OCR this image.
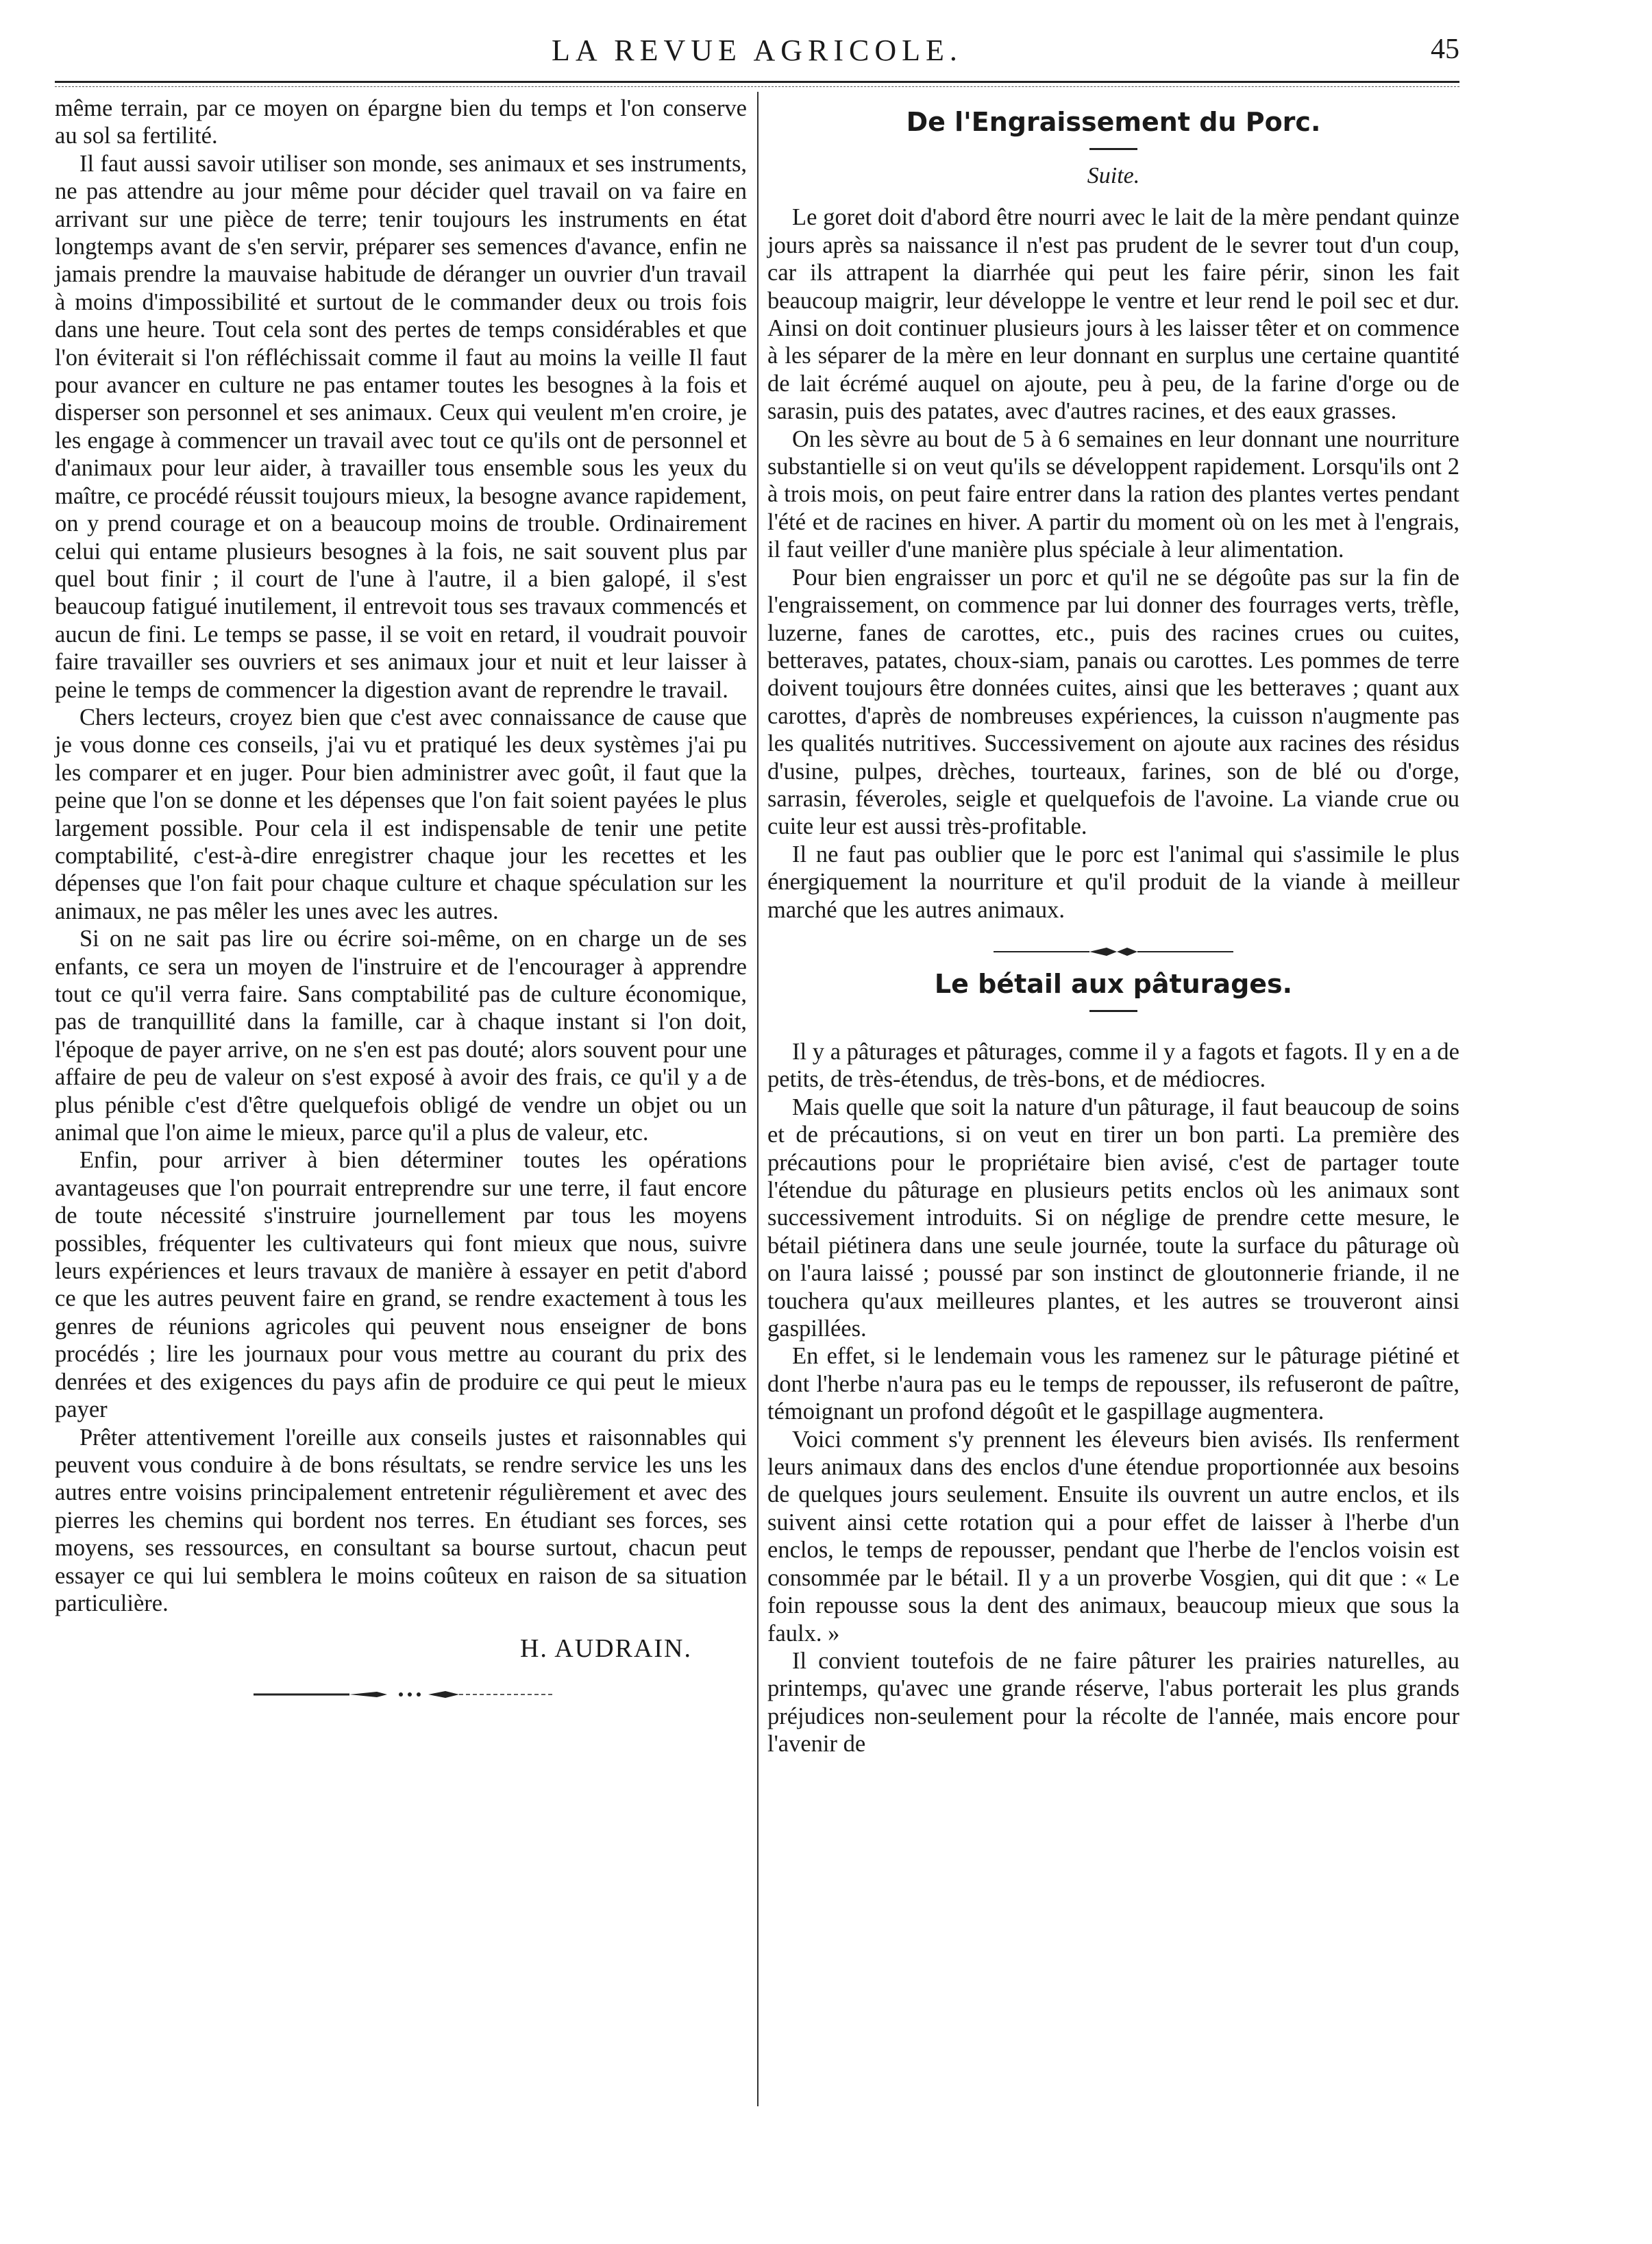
LA REVUE AGRICOLE.	45

même terrain, par ce moyen on épargne bien du temps et l'on conserve au sol sa fertilité.

Il faut aussi savoir utiliser son monde, ses animaux et ses instruments, ne pas attendre au jour même pour décider quel travail on va faire en arrivant sur une pièce de terre; tenir toujours les instruments en état longtemps avant de s'en servir, préparer ses semences d'avance, enfin ne jamais prendre la mauvaise habitude de déranger un ouvrier d'un travail à moins d'impossibilité et surtout de le commander deux ou trois fois dans une heure. Tout cela sont des pertes de temps considérables et que l'on éviterait si l'on réfléchissait comme il faut au moins la veille Il faut pour avancer en culture ne pas entamer toutes les besognes à la fois et disperser son personnel et ses animaux. Ceux qui veulent m'en croire, je les engage à commencer un travail avec tout ce qu'ils ont de personnel et d'animaux pour leur aider, à travailler tous ensemble sous les yeux du maître, ce procédé réussit toujours mieux, la besogne avance rapidement, on y prend courage et on a beaucoup moins de trouble. Ordinairement celui qui entame plusieurs besognes à la fois, ne sait souvent plus par quel bout finir ; il court de l'une à l'autre, il a bien galopé, il s'est beaucoup fatigué inutilement, il entrevoit tous ses travaux commencés et aucun de fini. Le temps se passe, il se voit en retard, il voudrait pouvoir faire travailler ses ouvriers et ses animaux jour et nuit et leur laisser à peine le temps de commencer la digestion avant de reprendre le travail.

Chers lecteurs, croyez bien que c'est avec connaissance de cause que je vous donne ces conseils, j'ai vu et pratiqué les deux systèmes j'ai pu les comparer et en juger. Pour bien administrer avec goût, il faut que la peine que l'on se donne et les dépenses que l'on fait soient payées le plus largement possible. Pour cela il est indispensable de tenir une petite comptabilité, c'est-à-dire enregistrer chaque jour les recettes et les dépenses que l'on fait pour chaque culture et chaque spéculation sur les animaux, ne pas mêler les unes avec les autres.

Si on ne sait pas lire ou écrire soi-même, on en charge un de ses enfants, ce sera un moyen de l'instruire et de l'encourager à apprendre tout ce qu'il verra faire. Sans comptabilité pas de culture économique, pas de tranquillité dans la famille, car à chaque instant si l'on doit, l'époque de payer arrive, on ne s'en est pas douté; alors souvent pour une affaire de peu de valeur on s'est exposé à avoir des frais, ce qu'il y a de plus pénible c'est d'être quelquefois obligé de vendre un objet ou un animal que l'on aime le mieux, parce qu'il a plus de valeur, etc.

Enfin, pour arriver à bien déterminer toutes les opérations avantageuses que l'on pourrait entreprendre sur une terre, il faut encore de toute nécessité s'instruire journellement par tous les moyens possibles, fréquenter les cultivateurs qui font mieux que nous, suivre leurs expériences et leurs travaux de manière à essayer en petit d'abord ce que les autres peuvent faire en grand, se rendre exactement à tous les genres de réunions agricoles qui peuvent nous enseigner de bons procédés ; lire les journaux pour vous mettre au courant du prix des denrées et des exigences du pays afin de produire ce qui peut le mieux payer

Prêter attentivement l'oreille aux conseils justes et raisonnables qui peuvent vous conduire à de bons résultats, se rendre service les uns les autres entre voisins principalement entretenir régulièrement et avec des pierres les chemins qui bordent nos terres. En étudiant ses forces, ses moyens, ses ressources, en consultant sa bourse surtout, chacun peut essayer ce qui lui semblera le moins coûteux en raison de sa situation particulière.

H. AUDRAIN.
De l'Engraissement du Porc.
Suite.

Le goret doit d'abord être nourri avec le lait de la mère pendant quinze jours après sa naissance il n'est pas prudent de le sevrer tout d'un coup, car ils attrapent la diarrhée qui peut les faire périr, sinon les fait beaucoup maigrir, leur développe le ventre et leur rend le poil sec et dur. Ainsi on doit continuer plusieurs jours à les laisser têter et on commence à les séparer de la mère en leur donnant en surplus une certaine quantité de lait écrémé auquel on ajoute, peu à peu, de la farine d'orge ou de sarasin, puis des patates, avec d'autres racines, et des eaux grasses.

On les sèvre au bout de 5 à 6 semaines en leur donnant une nourriture substantielle si on veut qu'ils se développent rapidement. Lorsqu'ils ont 2 à trois mois, on peut faire entrer dans la ration des plantes vertes pendant l'été et de racines en hiver. A partir du moment où on les met à l'engrais, il faut veiller d'une manière plus spéciale à leur alimentation.

Pour bien engraisser un porc et qu'il ne se dégoûte pas sur la fin de l'engraissement, on commence par lui donner des fourrages verts, trèfle, luzerne, fanes de carottes, etc., puis des racines crues ou cuites, betteraves, patates, choux-siam, panais ou carottes. Les pommes de terre doivent toujours être données cuites, ainsi que les betteraves ; quant aux carottes, d'après de nombreuses expériences, la cuisson n'augmente pas les qualités nutritives. Successivement on ajoute aux racines des résidus d'usine, pulpes, drèches, tourteaux, farines, son de blé ou d'orge, sarrasin, féveroles, seigle et quelquefois de l'avoine. La viande crue ou cuite leur est aussi très-profitable.

Il ne faut pas oublier que le porc est l'animal qui s'assimile le plus énergiquement la nourriture et qu'il produit de la viande à meilleur marché que les autres animaux.

Le bétail aux pâturages.

Il y a pâturages et pâturages, comme il y a fagots et fagots. Il y en a de petits, de très-étendus, de très-bons, et de médiocres.

Mais quelle que soit la nature d'un pâturage, il faut beaucoup de soins et de précautions, si on veut en tirer un bon parti. La première des précautions pour le propriétaire bien avisé, c'est de partager toute l'étendue du pâturage en plusieurs petits enclos où les animaux sont successivement introduits. Si on néglige de prendre cette mesure, le bétail piétinera dans une seule journée, toute la surface du pâturage où on l'aura laissé ; poussé par son instinct de gloutonnerie friande, il ne touchera qu'aux meilleures plantes, et les autres se trouveront ainsi gaspillées.

En effet, si le lendemain vous les ramenez sur le pâturage piétiné et dont l'herbe n'aura pas eu le temps de repousser, ils refuseront de paître, témoignant un profond dégoût et le gaspillage augmentera.

Voici comment s'y prennent les éleveurs bien avisés. Ils renferment leurs animaux dans des enclos d'une étendue proportionnée aux besoins de quelques jours seulement. Ensuite ils ouvrent un autre enclos, et ils suivent ainsi cette rotation qui a pour effet de laisser à l'herbe d'un enclos, le temps de repousser, pendant que l'herbe de l'enclos voisin est consommée par le bétail. Il y a un proverbe Vosgien, qui dit que : « Le foin repousse sous la dent des animaux, beaucoup mieux que sous la faulx. »

Il convient toutefois de ne faire pâturer les prairies naturelles, au printemps, qu'avec une grande réserve, l'abus porterait les plus grands préjudices non-seulement pour la récolte de l'année, mais encore pour l'avenir de
